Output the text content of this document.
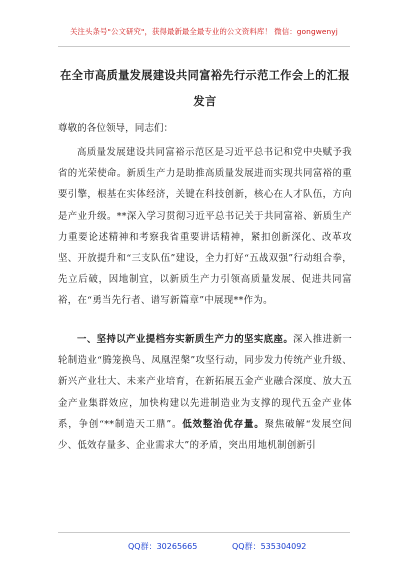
关注头条号"公文研究"，获得最新最全最专业的公文资料库！ 微信：gongwenyj
在全市高质量发展建设共同富裕先行示范工作会上的汇报
发言
尊敬的各位领导，同志们：
高质量发展建设共同富裕示范区是习近平总书记和党中央赋予我省的光荣使命。新质生产力是助推高质量发展进而实现共同富裕的重要引擎，根基在实体经济，关键在科技创新，核心在人才队伍，方向是产业升级。**深入学习贯彻习近平总书记关于共同富裕、新质生产力重要论述精神和考察我省重要讲话精神，紧扣创新深化、改革攻坚、开放提升和“三支队伍”建设，全力打好“五战双强”行动组合拳，先立后破，因地制宜，以新质生产力引领高质量发展、促进共同富裕，在“勇当先行者、谱写新篇章”中展现**作为。
一、坚持以产业提档夯实新质生产力的坚实底座。深入推进新一轮制造业“腾笼换鸟、凤凰涅槃”攻坚行动，同步发力传统产业升级、新兴产业壮大、未来产业培育，在新拓展五金产业融合深度、放大五金产业集群效应，加快构建以先进制造业为支撑的现代五金产业体系，争创“**制造天工鼎”。低效整治优存量。聚焦破解“发展空间少、低效存量多、企业需求大”的矛盾，突出用地机制创新引
QQ群：30265665	QQ群：535304092
